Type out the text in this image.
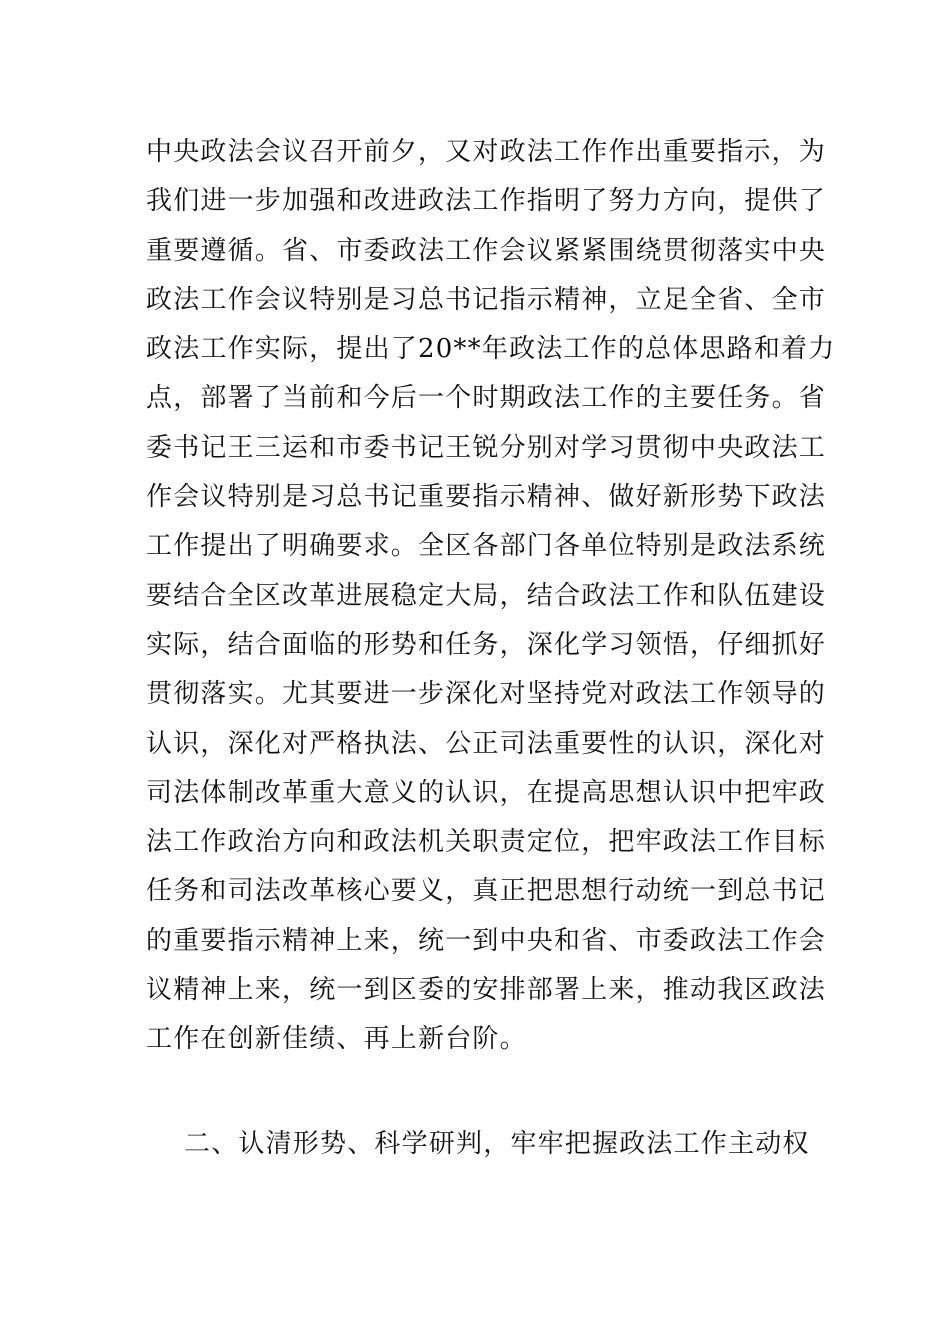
中央政法会议召开前夕，又对政法工作作出重要指示，为
我们进一步加强和改进政法工作指明了努力方向，提供了
重要遵循。省、市委政法工作会议紧紧围绕贯彻落实中央
政法工作会议特别是习总书记指示精神，立足全省、全市
政法工作实际，提出了20**年政法工作的总体思路和着力
点，部署了当前和今后一个时期政法工作的主要任务。省
委书记王三运和市委书记王锐分别对学习贯彻中央政法工
作会议特别是习总书记重要指示精神、做好新形势下政法
工作提出了明确要求。全区各部门各单位特别是政法系统
要结合全区改革进展稳定大局，结合政法工作和队伍建设
实际，结合面临的形势和任务，深化学习领悟，仔细抓好
贯彻落实。尤其要进一步深化对坚持党对政法工作领导的
认识，深化对严格执法、公正司法重要性的认识，深化对
司法体制改革重大意义的认识，在提高思想认识中把牢政
法工作政治方向和政法机关职责定位，把牢政法工作目标
任务和司法改革核心要义，真正把思想行动统一到总书记
的重要指示精神上来，统一到中央和省、市委政法工作会
议精神上来，统一到区委的安排部署上来，推动我区政法
工作在创新佳绩、再上新台阶。
二、认清形势、科学研判，牢牢把握政法工作主动权
